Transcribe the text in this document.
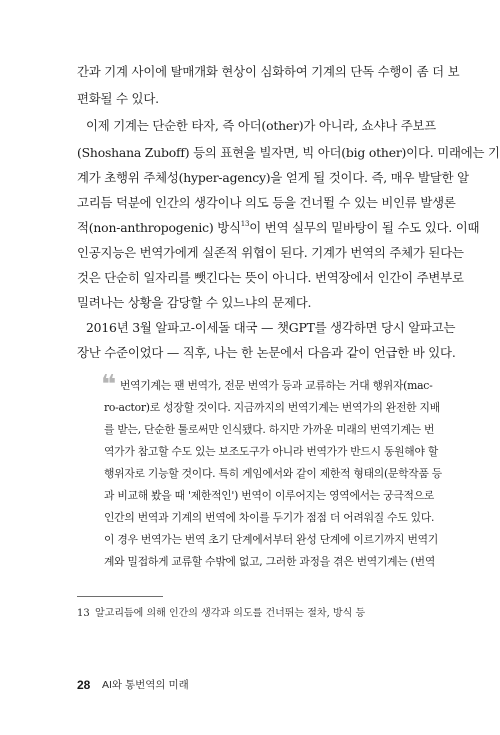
간과 기계 사이에 탈매개화 현상이 심화하여 기계의 단독 수행이 좀 더 보
편화될 수 있다.
이제 기계는 단순한 타자, 즉 아더(other)가 아니라, 쇼샤나 주보프
(Shoshana Zuboff) 등의 표현을 빌자면, 빅 아더(big other)이다. 미래에는 기
계가 초행위 주체성(hyper-agency)을 얻게 될 것이다. 즉, 매우 발달한 알
고리듬 덕분에 인간의 생각이나 의도 등을 건너뛸 수 있는 비인류 발생론
적(non-anthropogenic) 방식$^{13}$이 번역 실무의 밑바탕이 될 수도 있다. 이때
인공지능은 번역가에게 실존적 위협이 된다. 기계가 번역의 주체가 된다는
것은 단순히 일자리를 뺏긴다는 뜻이 아니다. 번역장에서 인간이 주변부로
밀려나는 상황을 감당할 수 있느냐의 문제다.
2016년 3월 알파고-이세돌 대국 — 챗GPT를 생각하면 당시 알파고는
장난 수준이었다 — 직후, 나는 한 논문에서 다음과 같이 언급한 바 있다.
❝ 번역기계는 팬 번역가, 전문 번역가 등과 교류하는 거대 행위자(mac-
ro-actor)로 성장할 것이다. 지금까지의 번역기계는 번역가의 완전한 지배
를 받는, 단순한 툴로써만 인식됐다. 하지만 가까운 미래의 번역기계는 번
역가가 참고할 수도 있는 보조도구가 아니라 번역가가 반드시 동원해야 할
행위자로 기능할 것이다. 특히 게임에서와 같이 제한적 형태의(문학작품 등
과 비교해 봤을 때 '제한적인') 번역이 이루어지는 영역에서는 궁극적으로
인간의 번역과 기계의 번역에 차이를 두기가 점점 더 어려워질 수도 있다.
이 경우 번역가는 번역 초기 단계에서부터 완성 단계에 이르기까지 번역기
계와 밀접하게 교류할 수밖에 없고, 그러한 과정을 겪은 번역기계는 (번역
13 알고리듬에 의해 인간의 생각과 의도를 건너뛰는 절차, 방식 등
28 AI와 통번역의 미래
